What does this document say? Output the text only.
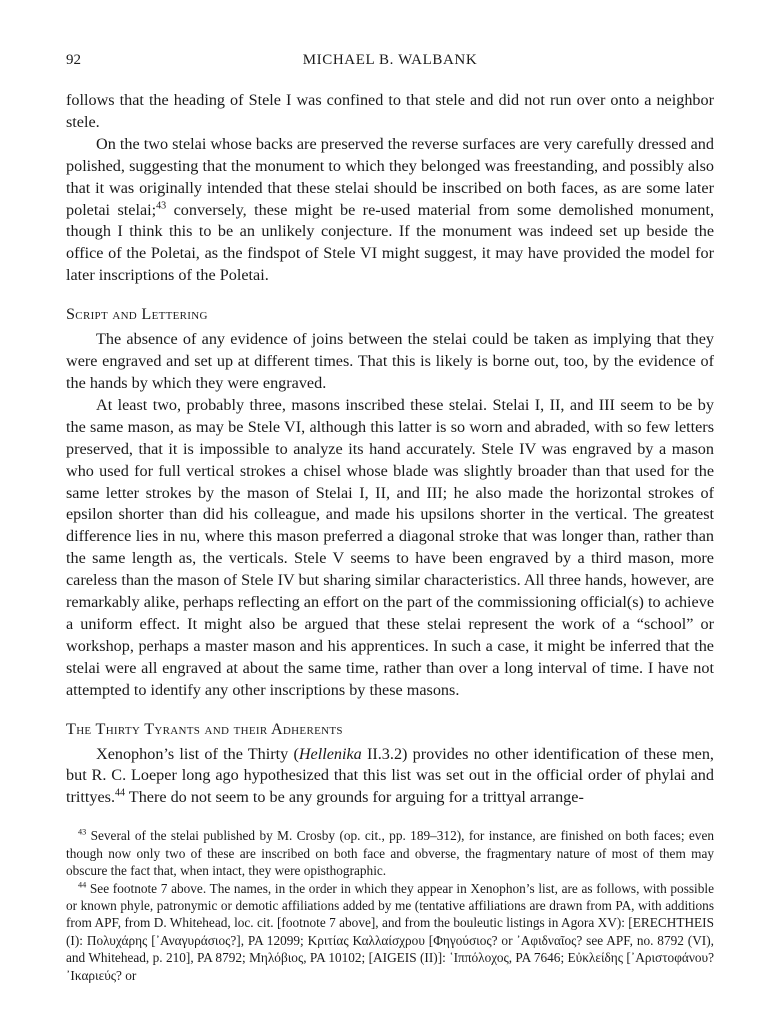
92	MICHAEL B. WALBANK

follows that the heading of Stele I was confined to that stele and did not run over onto a neighbor stele.

On the two stelai whose backs are preserved the reverse surfaces are very carefully dressed and polished, suggesting that the monument to which they belonged was freestanding, and possibly also that it was originally intended that these stelai should be inscribed on both faces, as are some later poletai stelai;$^{43}$ conversely, these might be re-used material from some demolished monument, though I think this to be an unlikely conjecture. If the monument was indeed set up beside the office of the Poletai, as the findspot of Stele VI might suggest, it may have provided the model for later inscriptions of the Poletai.

Script and Lettering

The absence of any evidence of joins between the stelai could be taken as implying that they were engraved and set up at different times. That this is likely is borne out, too, by the evidence of the hands by which they were engraved.

At least two, probably three, masons inscribed these stelai. Stelai I, II, and III seem to be by the same mason, as may be Stele VI, although this latter is so worn and abraded, with so few letters preserved, that it is impossible to analyze its hand accurately. Stele IV was engraved by a mason who used for full vertical strokes a chisel whose blade was slightly broader than that used for the same letter strokes by the mason of Stelai I, II, and III; he also made the horizontal strokes of epsilon shorter than did his colleague, and made his upsilons shorter in the vertical. The greatest difference lies in nu, where this mason preferred a diagonal stroke that was longer than, rather than the same length as, the verticals. Stele V seems to have been engraved by a third mason, more careless than the mason of Stele IV but sharing similar characteristics. All three hands, however, are remarkably alike, perhaps reflecting an effort on the part of the commissioning official(s) to achieve a uniform effect. It might also be argued that these stelai represent the work of a “school” or workshop, perhaps a master mason and his apprentices. In such a case, it might be inferred that the stelai were all engraved at about the same time, rather than over a long interval of time. I have not attempted to identify any other inscriptions by these masons.

The Thirty Tyrants and their Adherents

Xenophon’s list of the Thirty (Hellenika II.3.2) provides no other identification of these men, but R. C. Loeper long ago hypothesized that this list was set out in the official order of phylai and trittyes.$^{44}$ There do not seem to be any grounds for arguing for a trittyal arrange-

$^{43}$ Several of the stelai published by M. Crosby (op. cit., pp. 189–312), for instance, are finished on both faces; even though now only two of these are inscribed on both face and obverse, the fragmentary nature of most of them may obscure the fact that, when intact, they were opisthographic.

$^{44}$ See footnote 7 above. The names, in the order in which they appear in Xenophon’s list, are as follows, with possible or known phyle, patronymic or demotic affiliations added by me (tentative affiliations are drawn from PA, with additions from APF, from D. Whitehead, loc. cit. [footnote 7 above], and from the bouleutic listings in Agora XV): [ERECHTHEIS (I): Πολυχάρης [᾿Αναγυράσιος?], PA 12099; Κριτίας Καλλαίσχρου [Φηγούσιος? or ᾿Αφιδναῖος? see APF, no. 8792 (VI), and Whitehead, p. 210], PA 8792; Μηλόβιος, PA 10102; [AIGEIS (II)]: ῾Ιππόλοχος, PA 7646; Εὐκλείδης [᾿Αριστοφάνου? ᾿Ικαριεύς? or
